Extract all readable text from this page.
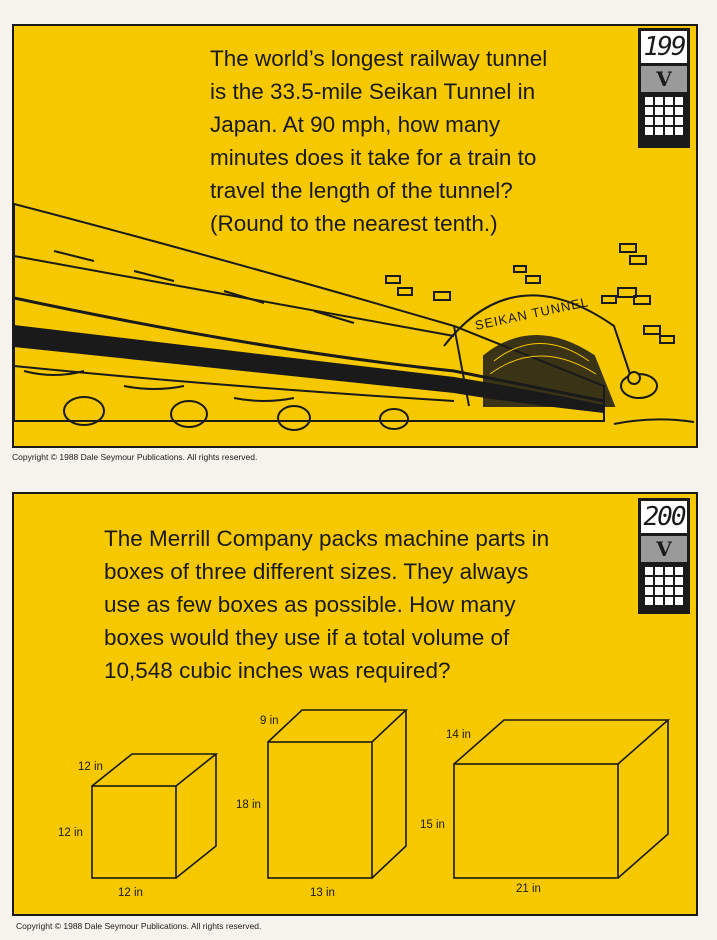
SEIKAN TUNNEL

The world’s longest railway tunnel
is the 33.5-mile Seikan Tunnel in
Japan. At 90 mph, how many
minutes does it take for a train to
travel the length of the tunnel?
(Round to the nearest tenth.)

199
V
Copyright © 1988 Dale Seymour Publications. All rights reserved.

The Merrill Company packs machine parts in
boxes of three different sizes. They always
use as few boxes as possible. How many
boxes would they use if a total volume of
10,548 cubic inches was required?

12 in
12 in
12 in
9 in
18 in
13 in
14 in
15 in
21 in
200
V
Copyright © 1988 Dale Seymour Publications. All rights reserved.
